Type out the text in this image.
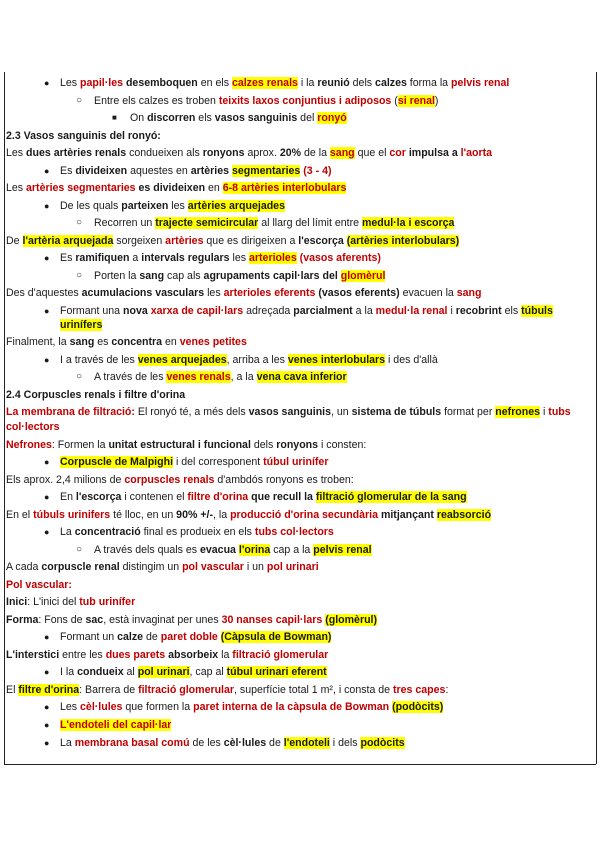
● Les papil·les desemboquen en els calzes renals i la reunió dels calzes forma la pelvis renal
○ Entre els calzes es troben teixits laxos conjuntius i adiposos (si renal)
■ On discorren els vasos sanguinis del ronyó
2.3 Vasos sanguinis del ronyó:
Les dues artèries renals condueixen als ronyons aprox. 20% de la sang que el cor impulsa a l'aorta
● Es divideixen aquestes en artèries segmentaries (3 - 4)
Les artèries segmentaries es divideixen en 6-8 artèries interlobulars
● De les quals parteixen les artèries arquejades
○ Recorren un trajecte semicircular al llarg del límit entre medul·la i escorça
De l'artèria arquejada sorgeixen artèries que es dirigeixen a l'escorça (artèries interlobulars)
● Es ramifiquen a intervals regulars les arterioles (vasos aferents)
○ Porten la sang cap als agrupaments capil·lars del glomèrul
Des d'aquestes acumulacions vasculars les arterioles eferents (vasos eferents) evacuen la sang
● Formant una nova xarxa de capil·lars adreçada parcialment a la medul·la renal i recobrint els túbuls urinífers
Finalment, la sang es concentra en venes petites
● I a través de les venes arquejades, arriba a les venes interlobulars i des d'allà
○ A través de les venes renals, a la vena cava inferior
2.4 Corpuscles renals i filtre d'orina
La membrana de filtració: El ronyó té, a més dels vasos sanguinis, un sistema de túbuls format per nefrones i tubs col·lectors
Nefrones: Formen la unitat estructural i funcional dels ronyons i consten:
● Corpuscle de Malpighi i del corresponent túbul urinífer
Els aprox. 2,4 milions de corpuscles renals d'ambdós ronyons es troben:
● En l'escorça i contenen el filtre d'orina que recull la filtració glomerular de la sang
En el túbuls urinifers té lloc, en un 90% +/-, la producció d'orina secundària mitjançant reabsorció
● La concentració final es produeix en els tubs col·lectors
○ A través dels quals es evacua l'orina cap a la pelvis renal
A cada corpuscle renal distingim un pol vascular i un pol urinari
Pol vascular:
Inici: L'inici del tub urinífer
Forma: Fons de sac, està invaginat per unes 30 nanses capil·lars (glomèrul)
● Formant un calze de paret doble (Càpsula de Bowman)
L'interstici entre les dues parets absorbeix la filtració glomerular
● I la condueix al pol urinari, cap al túbul urinari eferent
El filtre d'orina: Barrera de filtració glomerular, superfície total 1 m², i consta de tres capes:
● Les cèl·lules que formen la paret interna de la càpsula de Bowman (podòcits)
● L'endoteli del capil·lar
● La membrana basal comú de les cèl·lules de l'endoteli i dels podòcits
